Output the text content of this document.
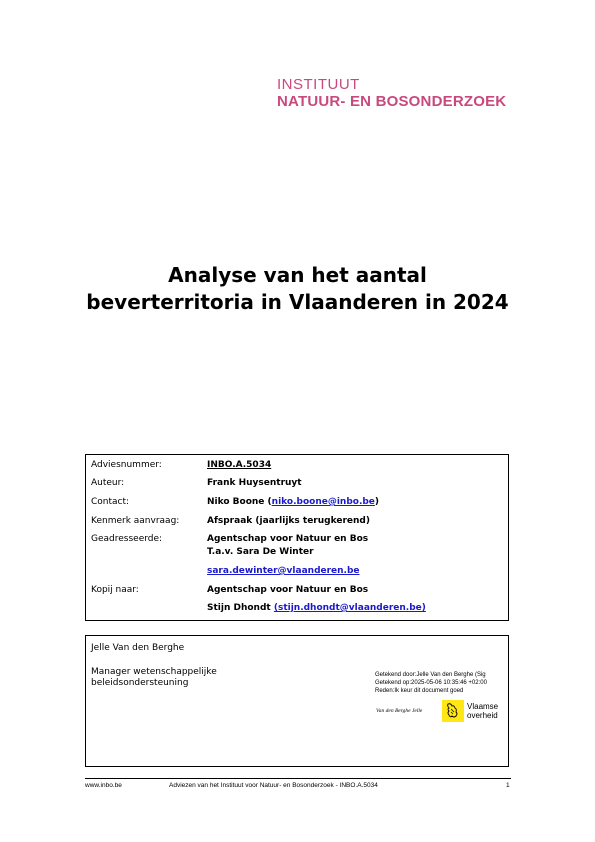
INSTITUUT
NATUUR- EN BOSONDERZOEK
Analyse van het aantal
beverterritoria in Vlaanderen in 2024
Adviesnummer:	INBO.A.5034
Auteur:	Frank Huysentruyt
Contact:	Niko Boone (niko.boone@inbo.be)
Kenmerk aanvraag:	Afspraak (jaarlijks terugkerend)
Geadresseerde:	Agentschap voor Natuur en Bos
T.a.v. Sara De Winter
sara.dewinter@vlaanderen.be
Kopij naar:	Agentschap voor Natuur en Bos
Stijn Dhondt (stijn.dhondt@vlaanderen.be)
Jelle Van den Berghe
Manager wetenschappelijke
beleidsondersteuning
Getekend door:Jelle Van den Berghe (Sig
Getekend op:2025-05-06 10:35:46 +02:00
Reden:Ik keur dit document goed
Van den Berghe Jelle	Vlaamse
overheid
www.inbo.be	Adviezen van het Instituut voor Natuur- en Bosonderzoek - INBO.A.5034	1
